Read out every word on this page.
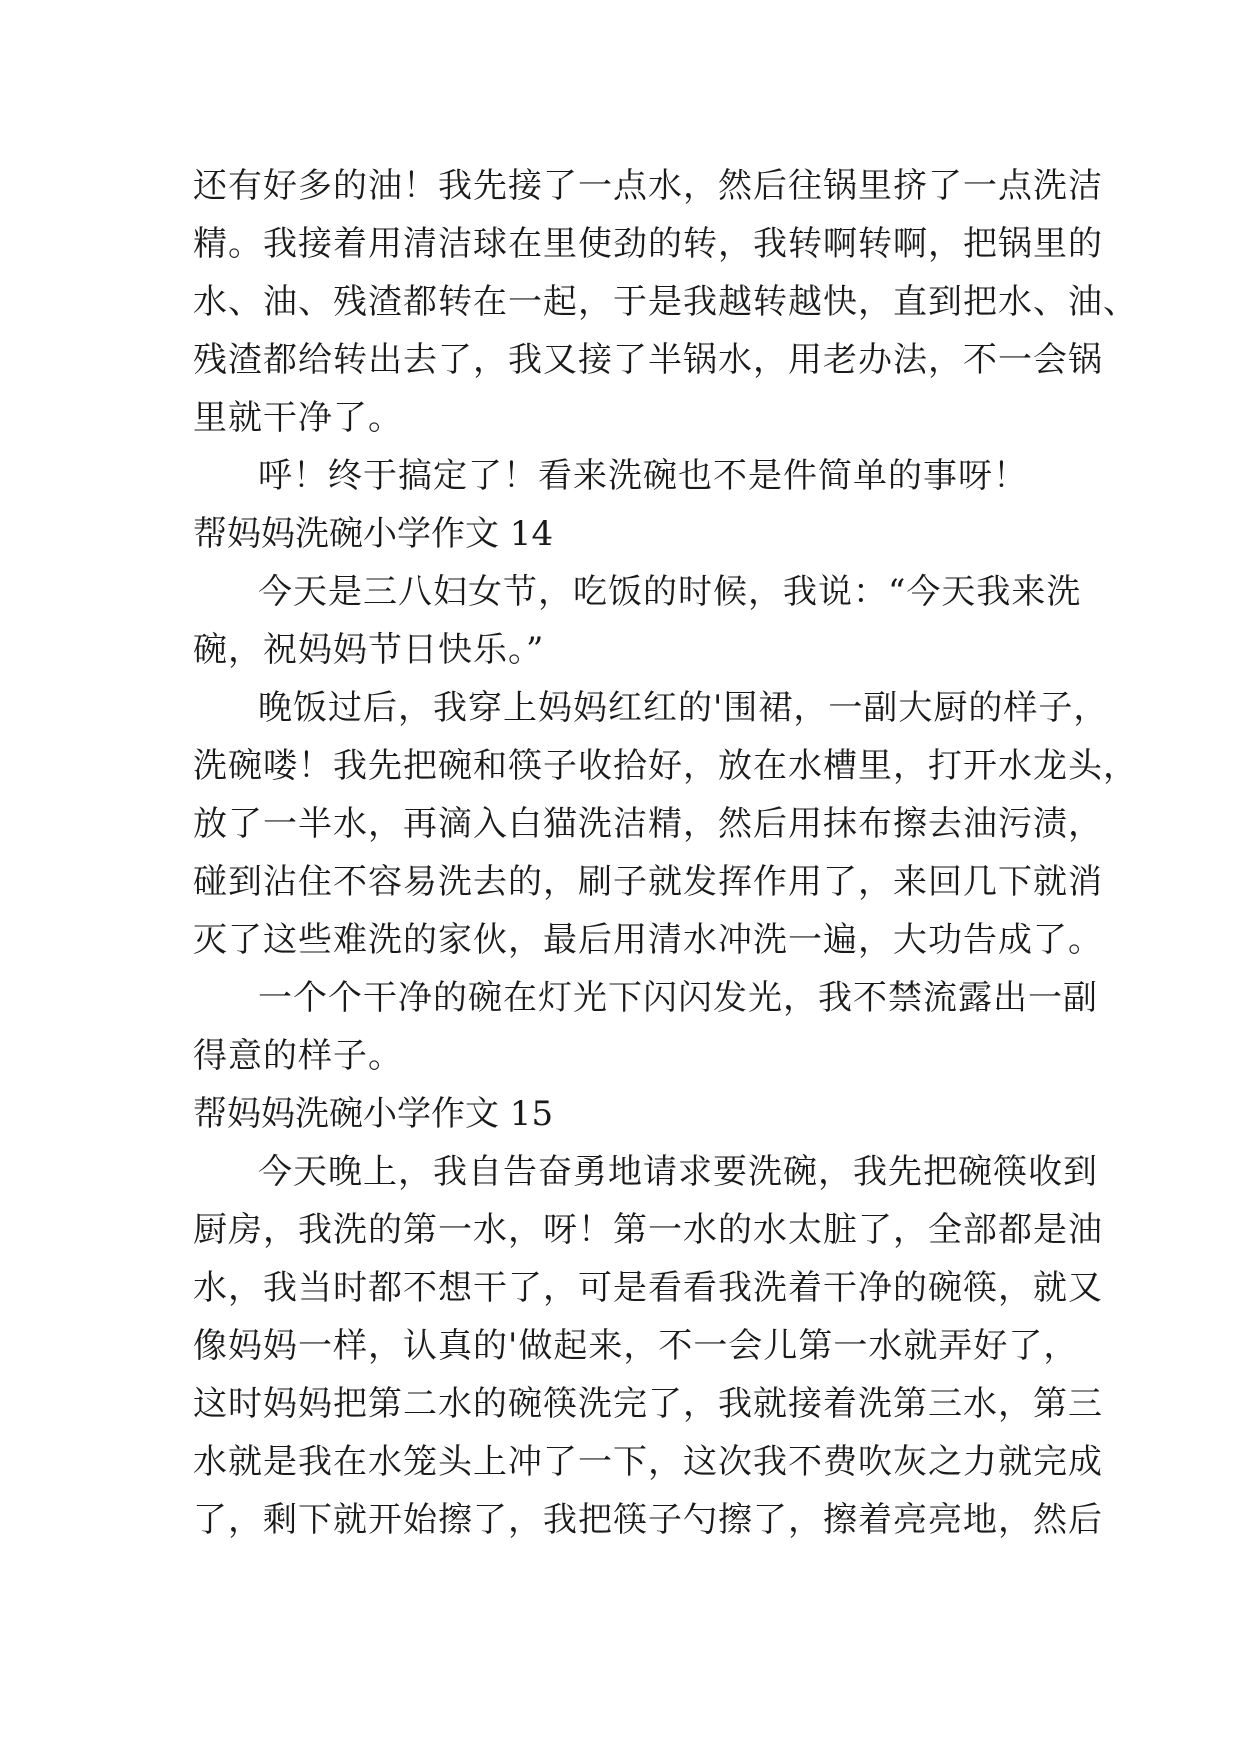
还有好多的油！我先接了一点水，然后往锅里挤了一点洗洁
精。我接着用清洁球在里使劲的转，我转啊转啊，把锅里的
水、油、残渣都转在一起，于是我越转越快，直到把水、油、
残渣都给转出去了，我又接了半锅水，用老办法，不一会锅
里就干净了。
呼！终于搞定了！看来洗碗也不是件简单的事呀！
帮妈妈洗碗小学作文 14
今天是三八妇女节，吃饭的时候，我说：“今天我来洗
碗，祝妈妈节日快乐。”
晚饭过后，我穿上妈妈红红的'围裙，一副大厨的样子，
洗碗喽！我先把碗和筷子收拾好，放在水槽里，打开水龙头，
放了一半水，再滴入白猫洗洁精，然后用抹布擦去油污渍，
碰到沾住不容易洗去的，刷子就发挥作用了，来回几下就消
灭了这些难洗的家伙，最后用清水冲洗一遍，大功告成了。
一个个干净的碗在灯光下闪闪发光，我不禁流露出一副
得意的样子。
帮妈妈洗碗小学作文 15
今天晚上，我自告奋勇地请求要洗碗，我先把碗筷收到
厨房，我洗的第一水，呀！第一水的水太脏了，全部都是油
水，我当时都不想干了，可是看看我洗着干净的碗筷，就又
像妈妈一样，认真的'做起来，不一会儿第一水就弄好了，
这时妈妈把第二水的碗筷洗完了，我就接着洗第三水，第三
水就是我在水笼头上冲了一下，这次我不费吹灰之力就完成
了，剩下就开始擦了，我把筷子勺擦了，擦着亮亮地，然后
